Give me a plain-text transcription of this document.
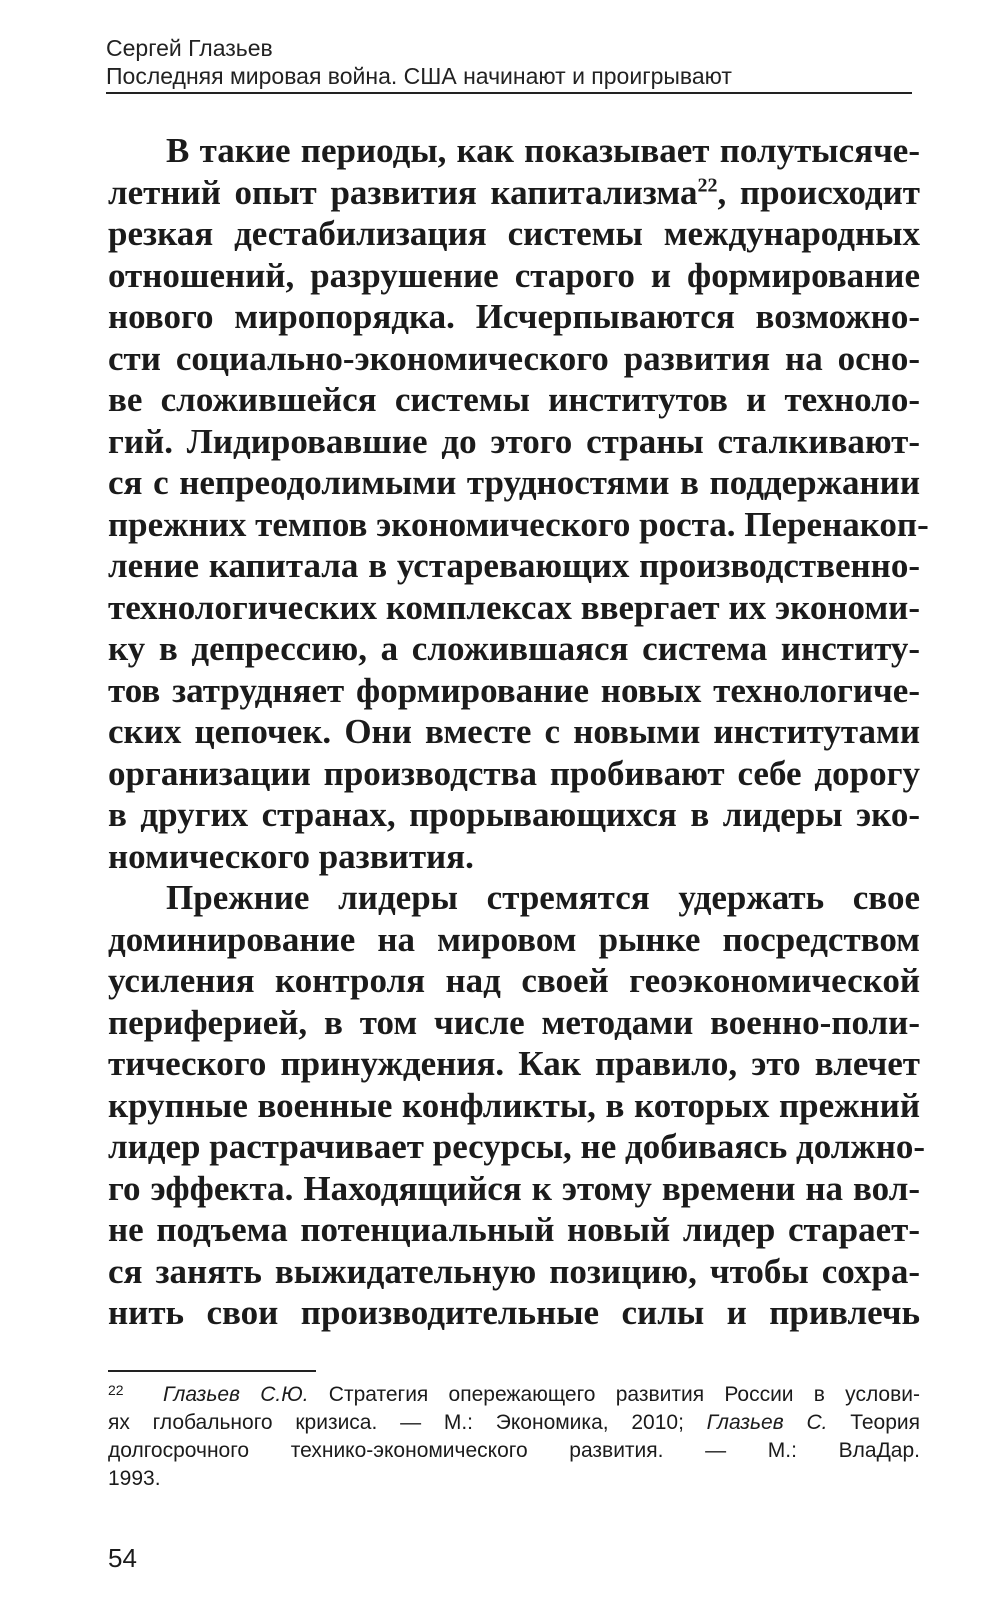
Сергей Глазьев
Последняя мировая война. США начинают и проигрывают
В такие периоды, как показывает полутысяче-
летний опыт развития капитализма$^{22}$, происходит
резкая дестабилизация системы международных
отношений, разрушение старого и формирование
нового миропорядка. Исчерпываются возможно-
сти социально-экономического развития на осно-
ве сложившейся системы институтов и техноло-
гий. Лидировавшие до этого страны сталкивают-
ся с непреодолимыми трудностями в поддержании
прежних темпов экономического роста. Перенакоп-
ление капитала в устаревающих производственно-
технологических комплексах ввергает их экономи-
ку в депрессию, а сложившаяся система институ-
тов затрудняет формирование новых технологиче-
ских цепочек. Они вместе с новыми институтами
организации производства пробивают себе дорогу
в других странах, прорывающихся в лидеры эко-
номического развития.
Прежние лидеры стремятся удержать свое
доминирование на мировом рынке посредством
усиления контроля над своей геоэкономической
периферией, в том числе методами военно-поли-
тического принуждения. Как правило, это влечет
крупные военные конфликты, в которых прежний
лидер растрачивает ресурсы, не добиваясь должно-
го эффекта. Находящийся к этому времени на вол-
не подъема потенциальный новый лидер старает-
ся занять выжидательную позицию, чтобы сохра-
нить свои производительные силы и привлечь
22 Глазьев С.Ю. Стратегия опережающего развития России в услови-
ях глобального кризиса. — М.: Экономика, 2010; Глазьев С. Теория
долгосрочного технико-экономического развития. — М.: ВлаДар.
1993.
54
